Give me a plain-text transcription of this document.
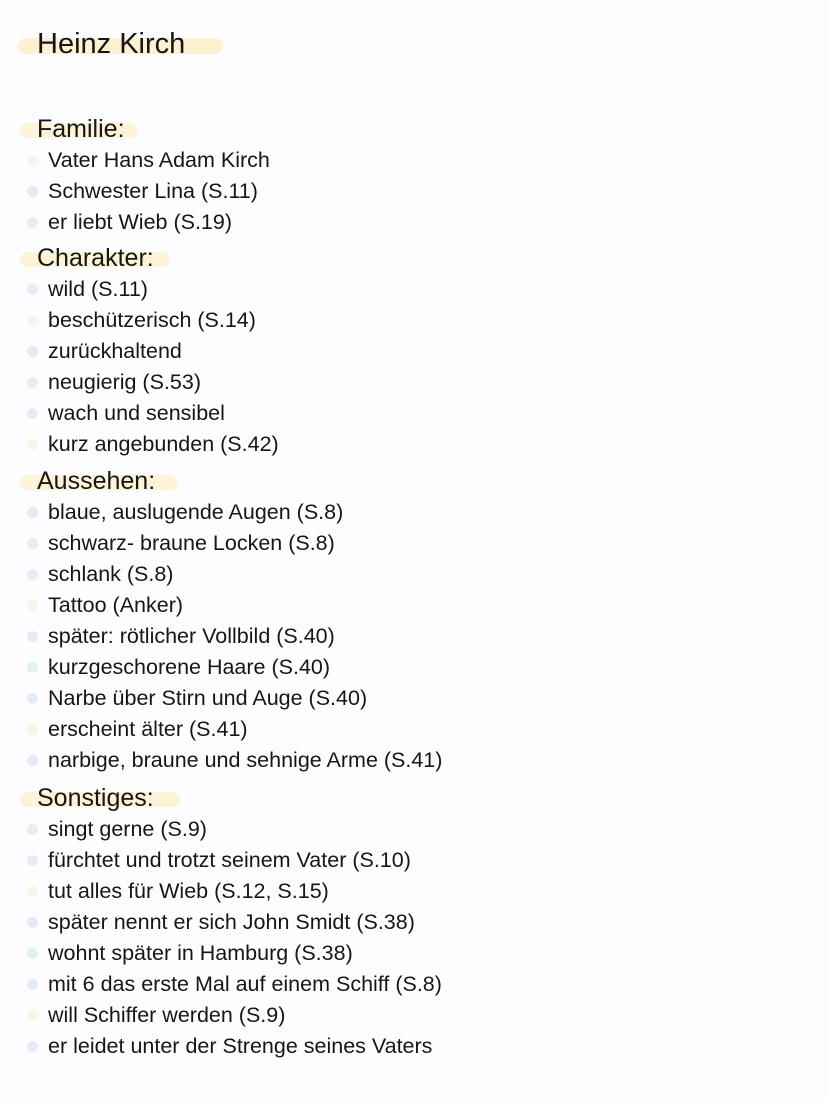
Heinz Kirch
Familie:
Vater Hans Adam Kirch
Schwester Lina (S.11)
er liebt Wieb (S.19)
Charakter:
wild (S.11)
beschützerisch (S.14)
zurückhaltend
neugierig (S.53)
wach und sensibel
kurz angebunden (S.42)
Aussehen:
blaue, auslugende Augen (S.8)
schwarz- braune Locken (S.8)
schlank (S.8)
Tattoo (Anker)
später: rötlicher Vollbild (S.40)
kurzgeschorene Haare (S.40)
Narbe über Stirn und Auge (S.40)
erscheint älter (S.41)
narbige, braune und sehnige Arme (S.41)
Sonstiges:
singt gerne (S.9)
fürchtet und trotzt seinem Vater (S.10)
tut alles für Wieb (S.12, S.15)
später nennt er sich John Smidt (S.38)
wohnt später in Hamburg (S.38)
mit 6 das erste Mal auf einem Schiff (S.8)
will Schiffer werden (S.9)
er leidet unter der Strenge seines Vaters
